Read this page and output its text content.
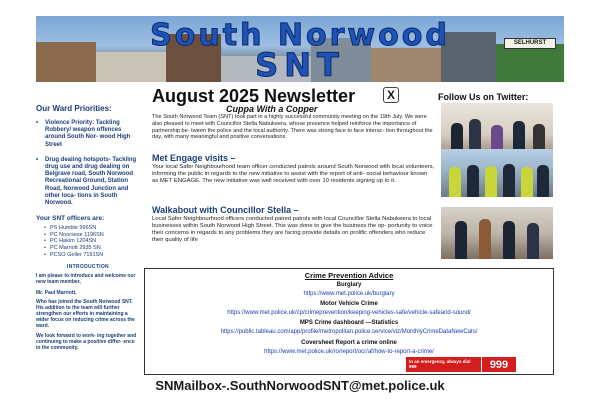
SELHURST
South Norwood
SNT
August 2025 Newsletter	X	Follow Us on Twitter:
Our Ward Priorities:
• Violence Priority: Tackling Robbery/ weapon offences around South Nor- wood High Street
• Drug dealing hotspots- Tackling drug use and drug dealing on Belgrave road, South Norwood Recreational Ground, Station Road, Norwood Junction and other loca- tions in South Norwood.
Your SNT officers are:
• PS Humble 996SN
• PC Noorsese 1196SN
• PC Hakim 1204SN
• PC Marriott 2935 SN
• PCSO Geller 7191SN
INTRODUCTION
I am please to introduce and welcome our new team member,
Mr. Paul Marriott,
Who has joined the South Norwood SNT. His addition to the team will further strengthen our efforts in maintaining a wider focus on reducing crime across the ward.
We look forward to work- ing together and continuing to make a positive differ- ence in the community.
Cuppa With a Copper
The South Norwood Team (SNT) took part in a highly successful community meeting on the 19th July. We were also pleased to meet with Councillor Stella Nabukeera, whose presence helped reinforce the importance of partnership be- tween the police and the local authority. There was strong face to face interac- tion throughout the day, with many meaningful and positive conversations.
Met Engage visits –
Your local Safer Neighbourhood team officer conducted patrols around South Norwood with local volunteers, informing the public in regards to the new initiative to assist with the report of anti- social behaviour known as MET ENGAGE. The new initiative was well received with over 10 residents signing up to it.
Walkabout with Councillor Stella –
Local Safer Neighbourhood officers conducted paired patrols with local Councillor Stella Nabukeera to local businesses within South Norwood High Street. This was done to give the business the op- portunity to voice their concerns in regards to any problems they are facing provide details on prolific offenders who reduce their quality of life
Crime Prevention Advice
Burglary
https://www.met.police.uk/burglary
Motor Vehicle Crime
https://www.met.police.uk/cp/crimeprevention/keeping-vehicles-safe/vehicle-safeand-sound/
MPS Crime dashboard —Statistics
https://public.tableau.com/app/profile/metropolitan.police.service/viz/MonthlyCrimeDataNewCats/
Coversheet Report a crime online
https://www.met.police.uk/ro/report/ocr/af/how-to-report-a-crime/
In an emergency, always dial 999	999
SNMailbox-.SouthNorwoodSNT@met.police.uk
